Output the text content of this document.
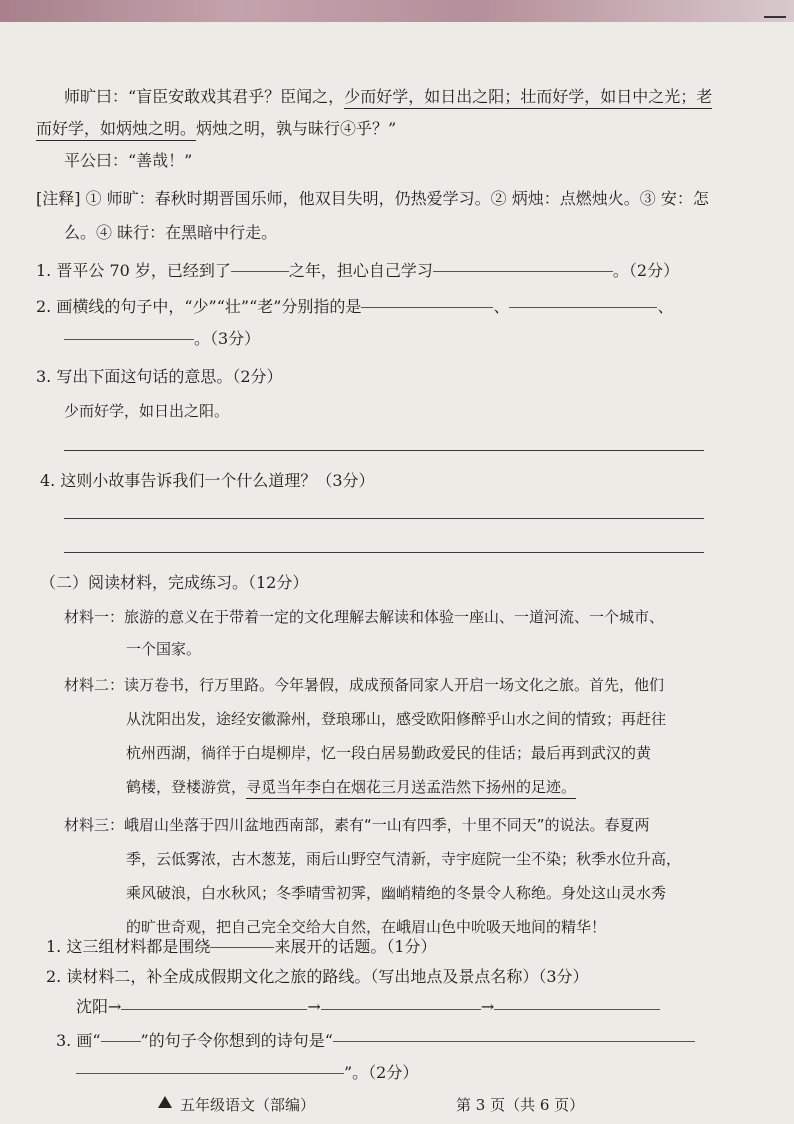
师旷曰：“盲臣安敢戏其君乎？臣闻之，少而好学，如日出之阳；壮而好学，如日中之光；老
而好学，如炳烛之明。炳烛之明，孰与昧行④乎？”
平公曰：“善哉！”
[注释] ① 师旷：春秋时期晋国乐师，他双目失明，仍热爱学习。② 炳烛：点燃烛火。③ 安：怎
么。④ 昧行：在黑暗中行走。
1. 晋平公 70 岁，已经到了	之年，担心自己学习	。（2分）
2. 画横线的句子中，“少”“壮”“老”分别指的是	、	、
。（3分）
3. 写出下面这句话的意思。（2分）
少而好学，如日出之阳。
4. 这则小故事告诉我们一个什么道理？（3分）
（二）阅读材料，完成练习。（12分）
材料一：旅游的意义在于带着一定的文化理解去解读和体验一座山、一道河流、一个城市、
一个国家。
材料二：读万卷书，行万里路。今年暑假，成成预备同家人开启一场文化之旅。首先，他们
从沈阳出发，途经安徽滁州，登琅琊山，感受欧阳修醉乎山水之间的情致；再赶往
杭州西湖，徜徉于白堤柳岸，忆一段白居易勤政爱民的佳话；最后再到武汉的黄
鹤楼，登楼游赏，寻觅当年李白在烟花三月送孟浩然下扬州的足迹。
材料三：峨眉山坐落于四川盆地西南部，素有“一山有四季，十里不同天”的说法。春夏两
季，云低雾浓，古木葱茏，雨后山野空气清新，寺宇庭院一尘不染；秋季水位升高，
乘风破浪，白水秋风；冬季晴雪初霁，幽峭精绝的冬景令人称绝。身处这山灵水秀
的旷世奇观，把自己完全交给大自然，在峨眉山色中吮吸天地间的精华！
1. 这三组材料都是围绕	来展开的话题。（1分）
2. 读材料二，补全成成假期文化之旅的路线。（写出地点及景点名称）（3分）
沈阳→	→	→
3. 画“	”的句子令你想到的诗句是“
”。（2分）
五年级语文（部编）	第 3 页（共 6 页）
